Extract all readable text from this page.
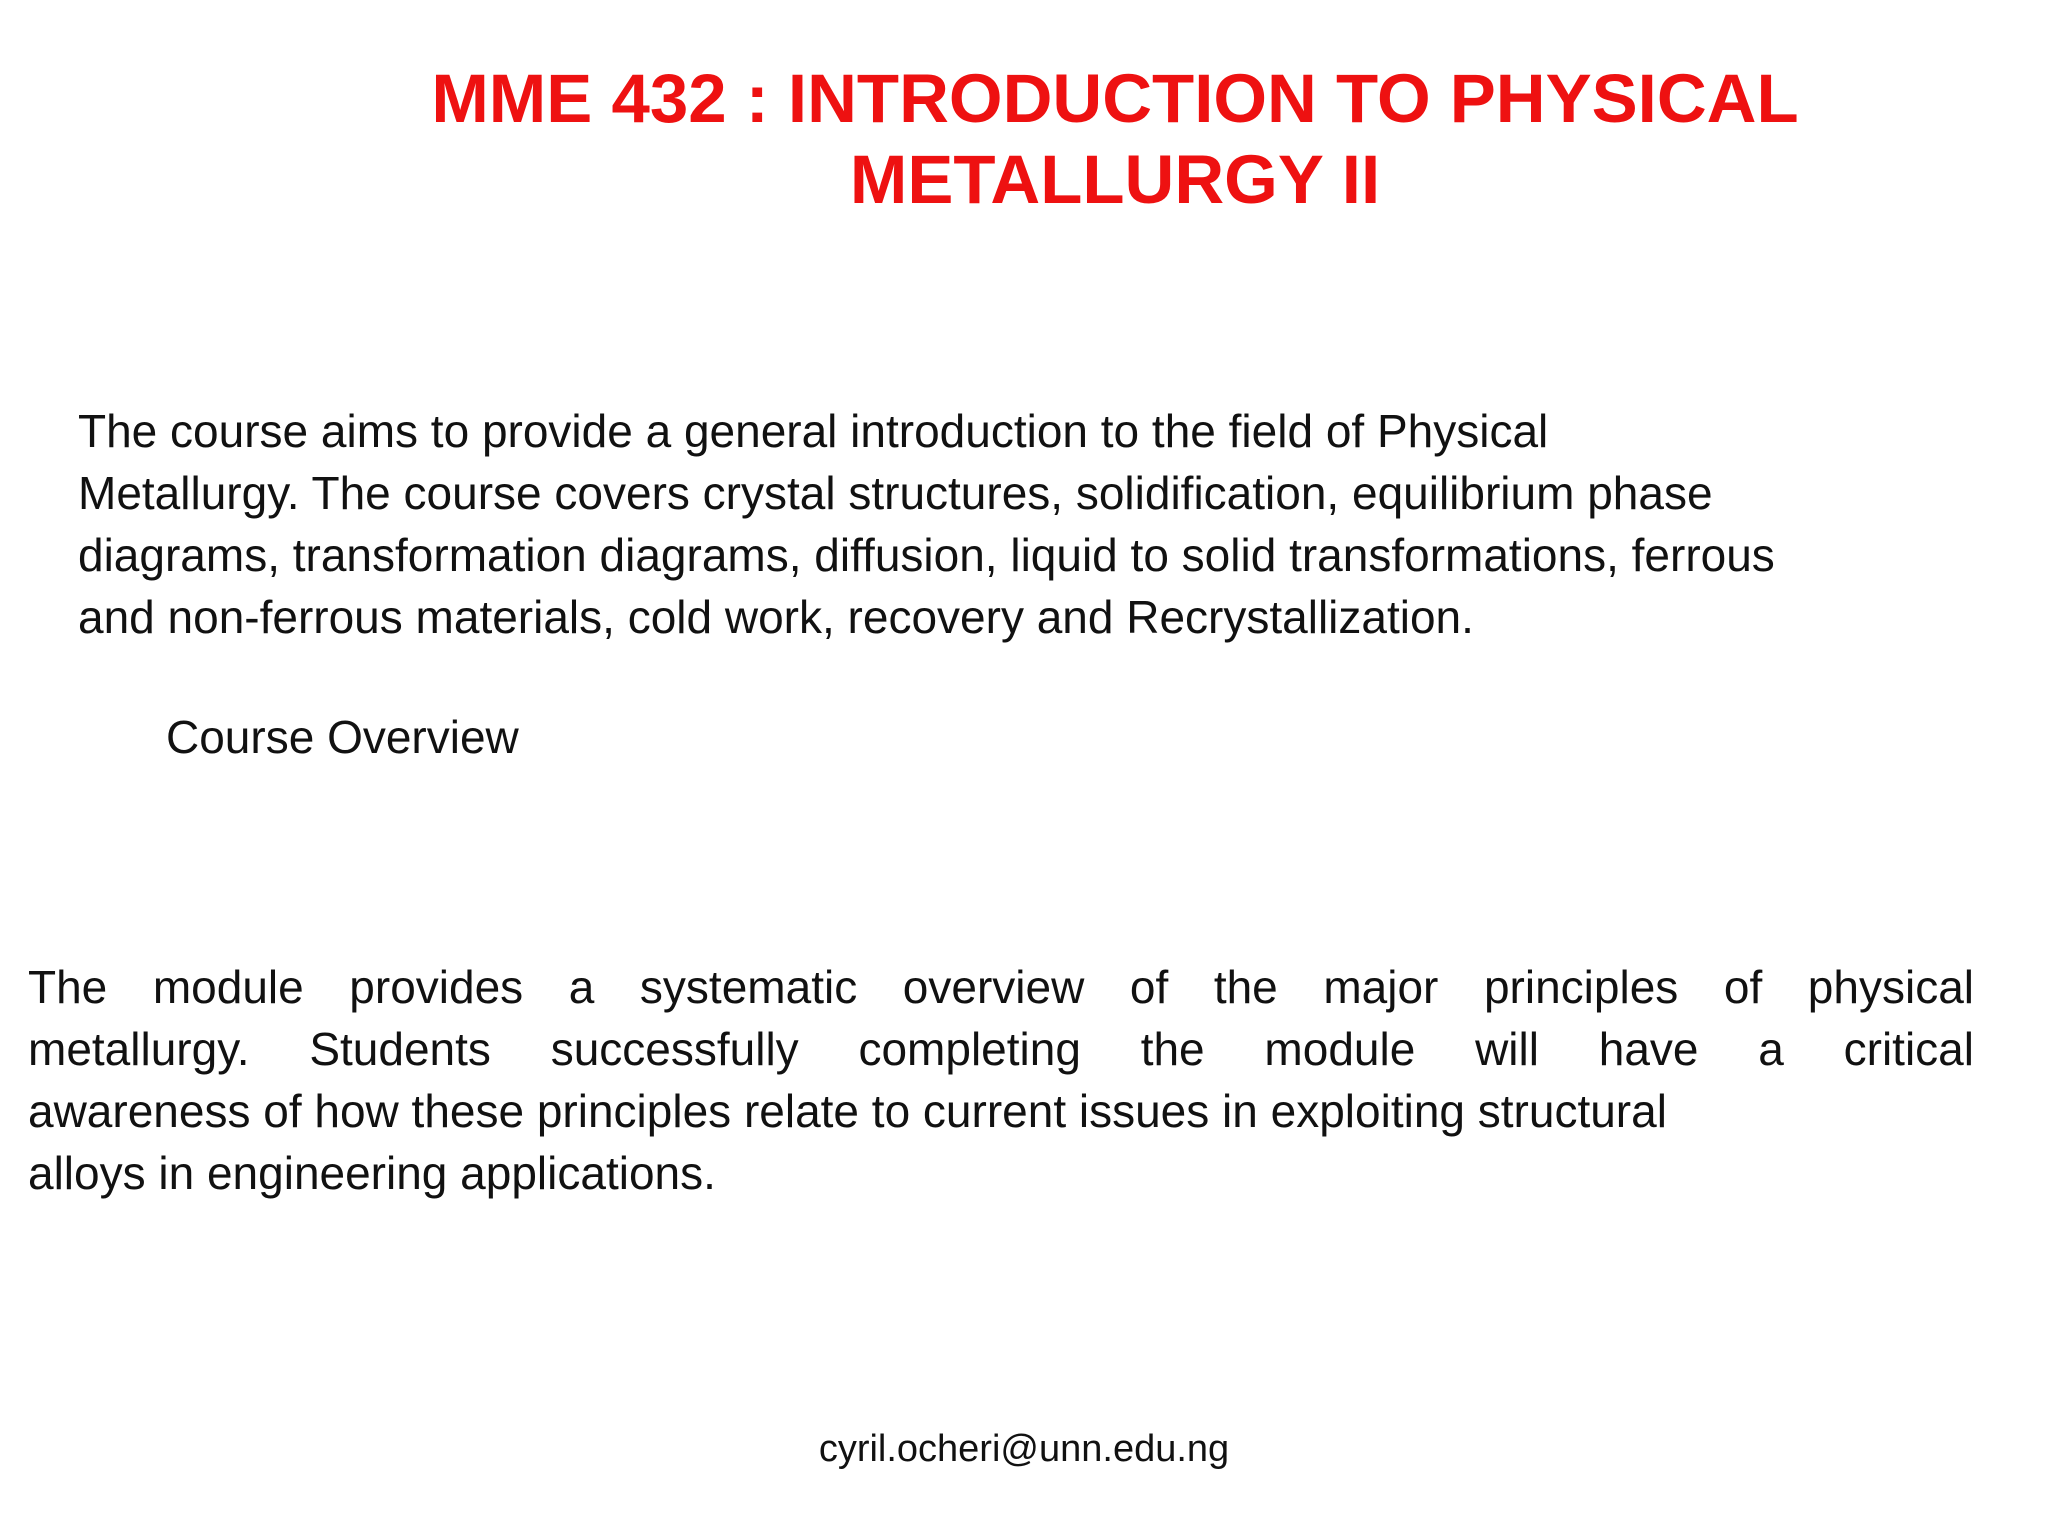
MME 432 : INTRODUCTION TO PHYSICAL
METALLURGY II

The course aims to provide a general introduction to the field of Physical
Metallurgy. The course covers crystal structures, solidification, equilibrium phase
diagrams, transformation diagrams, diffusion, liquid to solid transformations, ferrous
and non-ferrous materials, cold work, recovery and Recrystallization.

Course Overview

The module provides a systematic overview of the major principles of physical
metallurgy. Students successfully completing the module will have a critical
awareness of how these principles relate to current issues in exploiting structural
alloys in engineering applications.

cyril.ocheri@unn.edu.ng
